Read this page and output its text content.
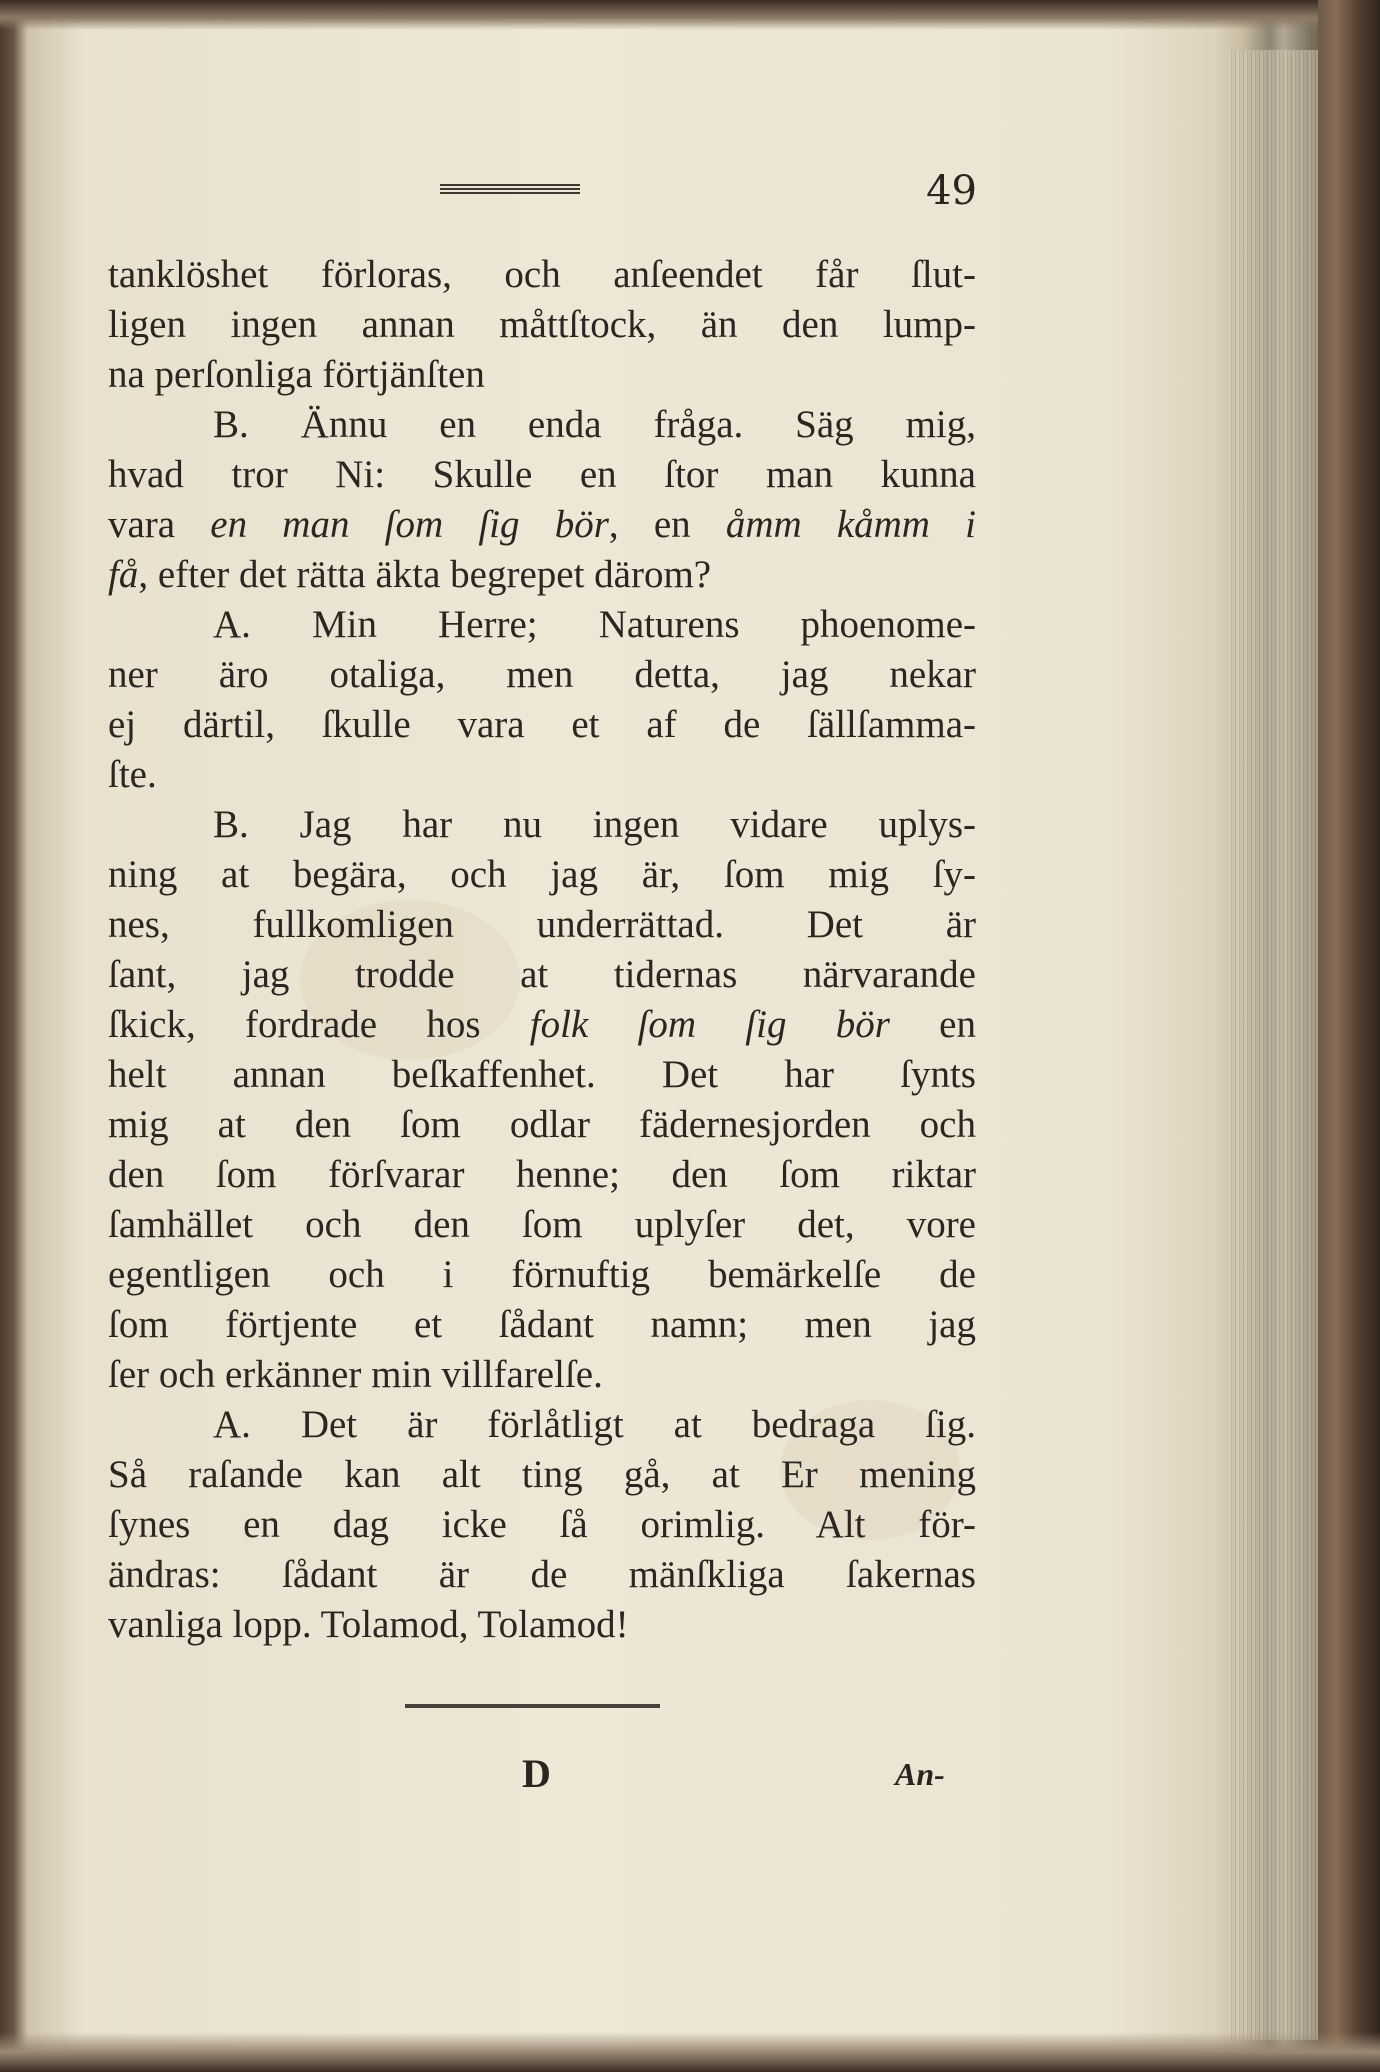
49
tanklöshet förloras, och anſeendet får ſlut-
ligen ingen annan måttſtock, än den lump-
na perſonliga förtjänſten
B. Ännu en enda fråga. Säg mig,
hvad tror Ni: Skulle en ſtor man kunna
vara en man ſom ſig bör, en åmm kåmm i
få, efter det rätta äkta begrepet därom?
A. Min Herre; Naturens phoenome-
ner äro otaliga, men detta, jag nekar
ej därtil, ſkulle vara et af de ſällſamma-
ſte.
B. Jag har nu ingen vidare uplys-
ning at begära, och jag är, ſom mig ſy-
nes, fullkomligen underrättad. Det är
ſant, jag trodde at tidernas närvarande
ſkick, fordrade hos folk ſom ſig bör en
helt annan beſkaffenhet. Det har ſynts
mig at den ſom odlar fädernesjorden och
den ſom förſvarar henne; den ſom riktar
ſamhället och den ſom uplyſer det, vore
egentligen och i förnuftig bemärkelſe de
ſom förtjente et ſådant namn; men jag
ſer och erkänner min villfarelſe.
A. Det är förlåtligt at bedraga ſig.
Så raſande kan alt ting gå, at Er mening
ſynes en dag icke ſå orimlig. Alt för-
ändras: ſådant är de mänſkliga ſakernas
vanliga lopp. Tolamod, Tolamod!
D	An-
